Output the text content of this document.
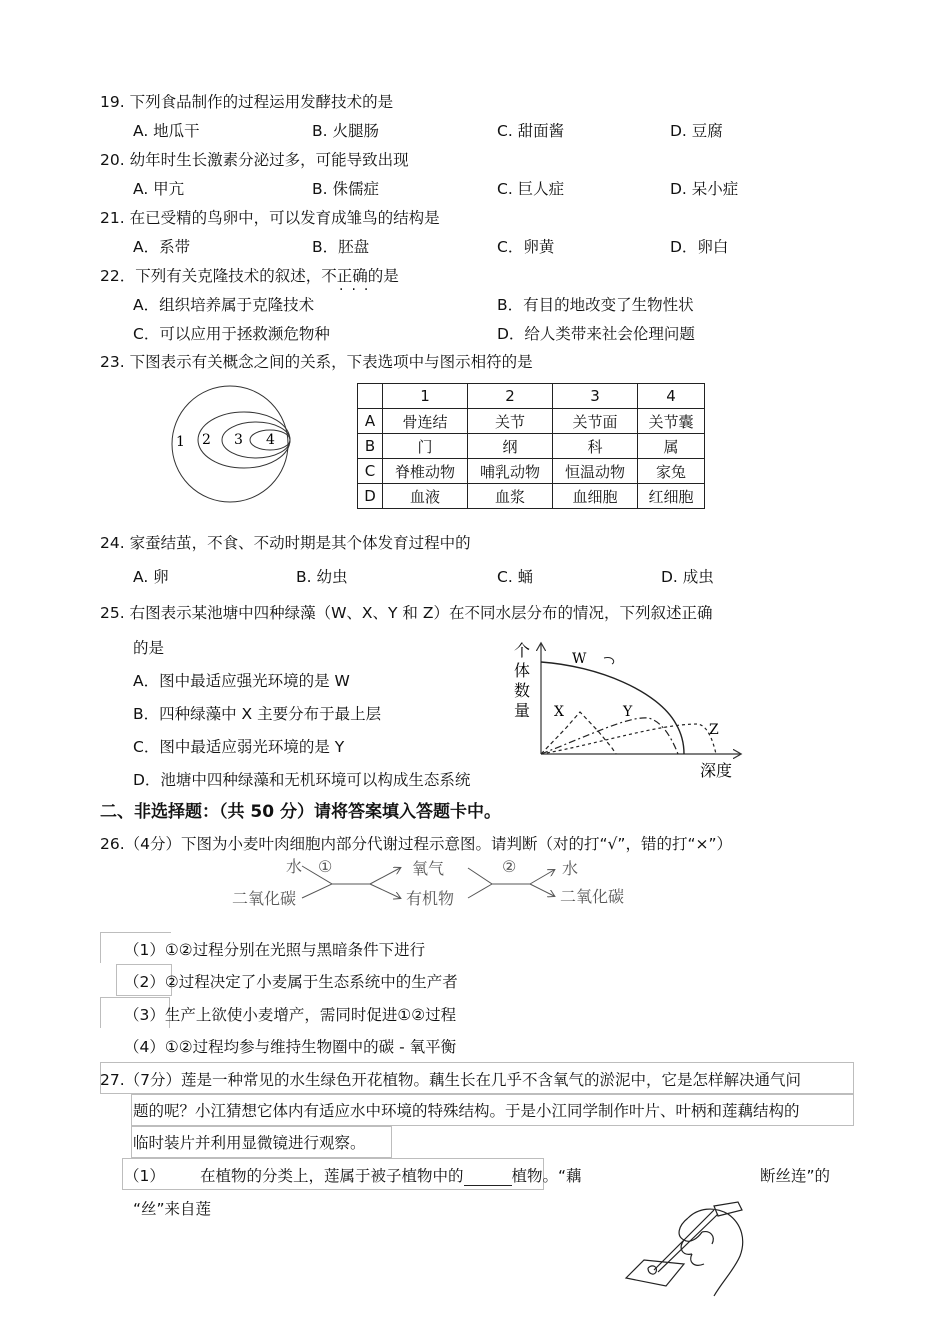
19. 下列食品制作的过程运用发酵技术的是
A. 地瓜干	B. 火腿肠	C. 甜面酱	D. 豆腐
20. 幼年时生长激素分泌过多，可能导致出现
A. 甲亢	B. 侏儒症	C. 巨人症	D. 呆小症
21. 在已受精的鸟卵中，可以发育成雏鸟的结构是
A．系带	B．胚盘	C．卵黄	D．卵白
22．下列有关克隆技术的叙述，不正确的是
···
A．组织培养属于克隆技术	B．有目的地改变了生物性状
C．可以应用于拯救濒危物种	D．给人类带来社会伦理问题
23. 下图表示有关概念之间的关系，下表选项中与图示相符的是
1 2 3 4
	1	2	3	4
A	骨连结	关节	关节面	关节囊
B	门	纲	科	属
C	脊椎动物	哺乳动物	恒温动物	家兔
D	血液	血浆	血细胞	红细胞
24. 家蚕结茧，不食、不动时期是其个体发育过程中的
A. 卵	B. 幼虫	C. 蛹	D. 成虫
25. 右图表示某池塘中四种绿藻（W、X、Y 和 Z）在不同水层分布的情况，下列叙述正确
的是
A．图中最适应强光环境的是 W
B．四种绿藻中 X 主要分布于最上层
C．图中最适应弱光环境的是 Y
D．池塘中四种绿藻和无机环境可以构成生态系统
个
体
数
量
W
X	Y
Z
深度
二、非选择题：（共 50 分）请将答案填入答题卡中。
26.（4分）下图为小麦叶肉细胞内部分代谢过程示意图。请判断（对的打“√”，错的打“×”）
水
二氧化碳
①	氧气
有机物
②	水
二氧化碳
（1）①②过程分别在光照与黑暗条件下进行
（2）②过程决定了小麦属于生态系统中的生产者
（3）生产上欲使小麦增产，需同时促进①②过程
（4）①②过程均参与维持生物圈中的碳 - 氧平衡
27.（7分）莲是一种常见的水生绿色开花植物。藕生长在几乎不含氧气的淤泥中，它是怎样解决通气问
题的呢？小江猜想它体内有适应水中环境的特殊结构。于是小江同学制作叶片、叶柄和莲藕结构的
临时装片并利用显微镜进行观察。
（1） 在植物的分类上，莲属于被子植物中的	植物。“藕	断丝连”的
“丝”来自莲
